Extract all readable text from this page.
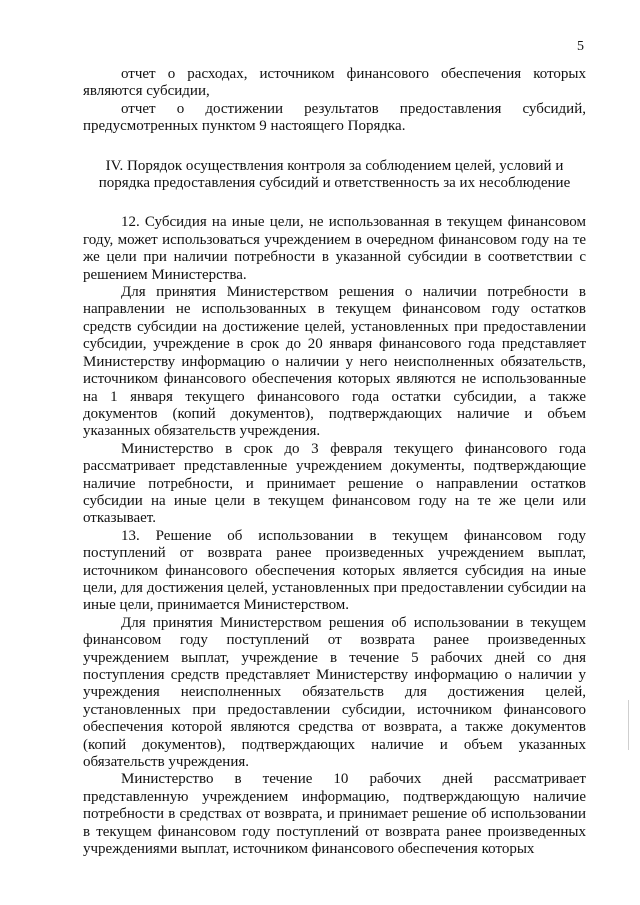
5

отчет о расходах, источником финансового обеспечения которых являются субсидии,

отчет о достижении результатов предоставления субсидий, предусмотренных пунктом 9 настоящего Порядка.

IV. Порядок осуществления контроля за соблюдением целей, условий и порядка предоставления субсидий и ответственность за их несоблюдение

12. Субсидия на иные цели, не использованная в текущем финансовом году, может использоваться учреждением в очередном финансовом году на те же цели при наличии потребности в указанной субсидии в соответствии с решением Министерства.

Для принятия Министерством решения о наличии потребности в направлении не использованных в текущем финансовом году остатков средств субсидии на достижение целей, установленных при предоставлении субсидии, учреждение в срок до 20 января финансового года представляет Министерству информацию о наличии у него неисполненных обязательств, источником финансового обеспечения которых являются не использованные на 1 января текущего финансового года остатки субсидии, а также документов (копий документов), подтверждающих наличие и объем указанных обязательств учреждения.

Министерство в срок до 3 февраля текущего финансового года рассматривает представленные учреждением документы, подтверждающие наличие потребности, и принимает решение о направлении остатков субсидии на иные цели в текущем финансовом году на те же цели или отказывает.

13. Решение об использовании в текущем финансовом году поступлений от возврата ранее произведенных учреждением выплат, источником финансового обеспечения которых является субсидия на иные цели, для достижения целей, установленных при предоставлении субсидии на иные цели, принимается Министерством.

Для принятия Министерством решения об использовании в текущем финансовом году поступлений от возврата ранее произведенных учреждением выплат, учреждение в течение 5 рабочих дней со дня поступления средств представляет Министерству информацию о наличии у учреждения неисполненных обязательств для достижения целей, установленных при предоставлении субсидии, источником финансового обеспечения которой являются средства от возврата, а также документов (копий документов), подтверждающих наличие и объем указанных обязательств учреждения.

Министерство в течение 10 рабочих дней рассматривает представленную учреждением информацию, подтверждающую наличие потребности в средствах от возврата, и принимает решение об использовании в текущем финансовом году поступлений от возврата ранее произведенных учреждениями выплат, источником финансового обеспечения которых
